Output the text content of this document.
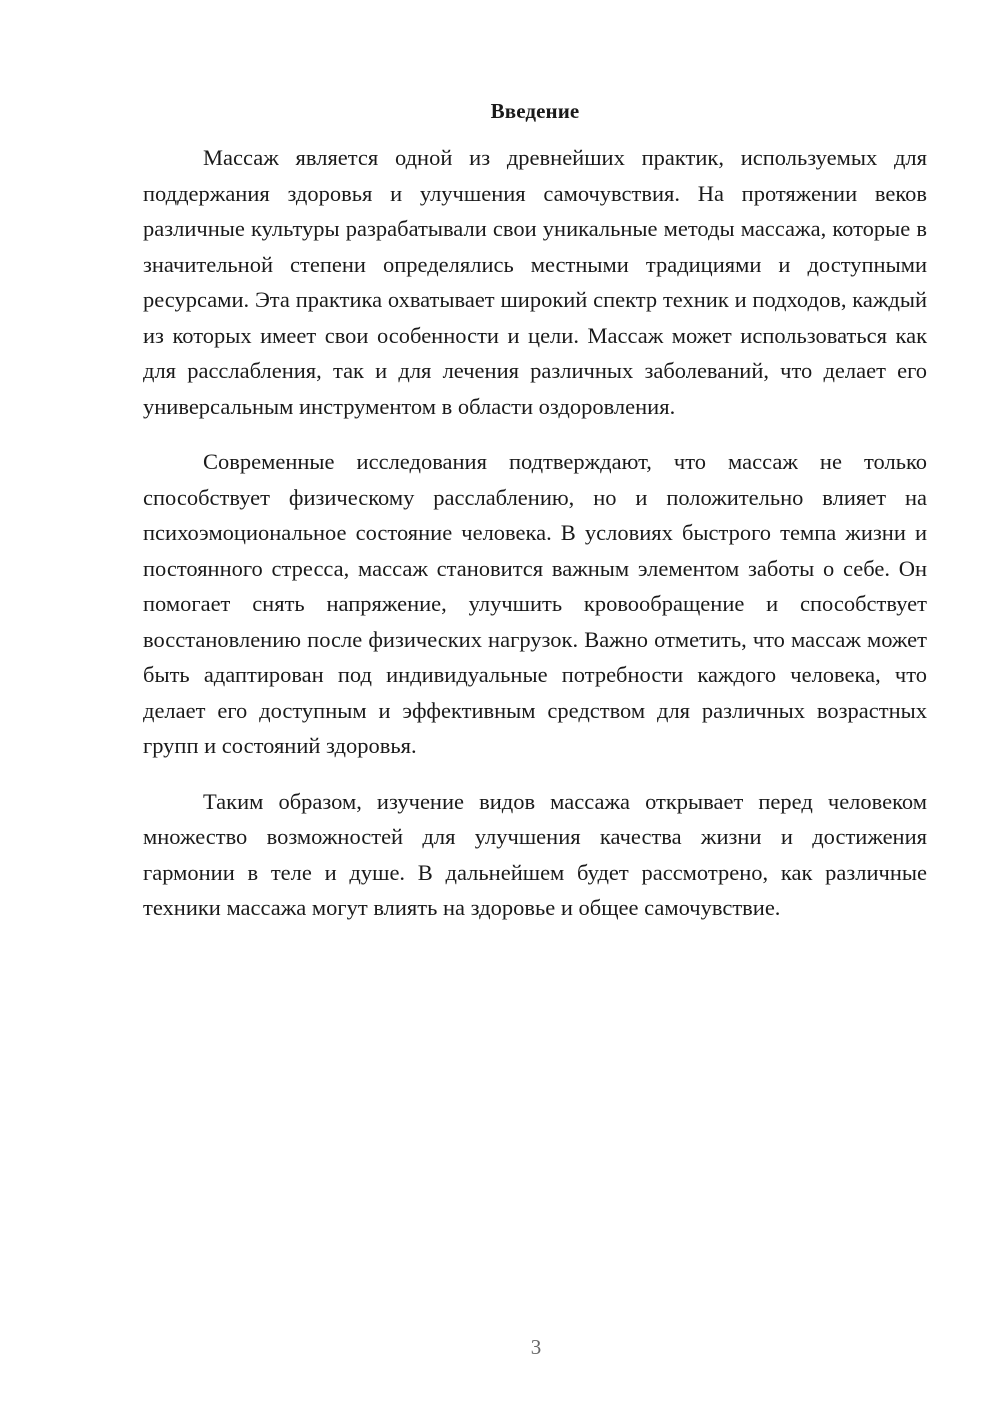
Введение

Массаж является одной из древнейших практик, используемых для поддержания здоровья и улучшения самочувствия. На протяжении веков различные культуры разрабатывали свои уникальные методы массажа, которые в значительной степени определялись местными традициями и доступными ресурсами. Эта практика охватывает широкий спектр техник и подходов, каждый из которых имеет свои особенности и цели. Массаж может использоваться как для расслабления, так и для лечения различных заболеваний, что делает его универсальным инструментом в области оздоровления.

Современные исследования подтверждают, что массаж не только способствует физическому расслаблению, но и положительно влияет на психоэмоциональное состояние человека. В условиях быстрого темпа жизни и постоянного стресса, массаж становится важным элементом заботы о себе. Он помогает снять напряжение, улучшить кровообращение и способствует восстановлению после физических нагрузок. Важно отметить, что массаж может быть адаптирован под индивидуальные потребности каждого человека, что делает его доступным и эффективным средством для различных возрастных групп и состояний здоровья.

Таким образом, изучение видов массажа открывает перед человеком множество возможностей для улучшения качества жизни и достижения гармонии в теле и душе. В дальнейшем будет рассмотрено, как различные техники массажа могут влиять на здоровье и общее самочувствие.

3
